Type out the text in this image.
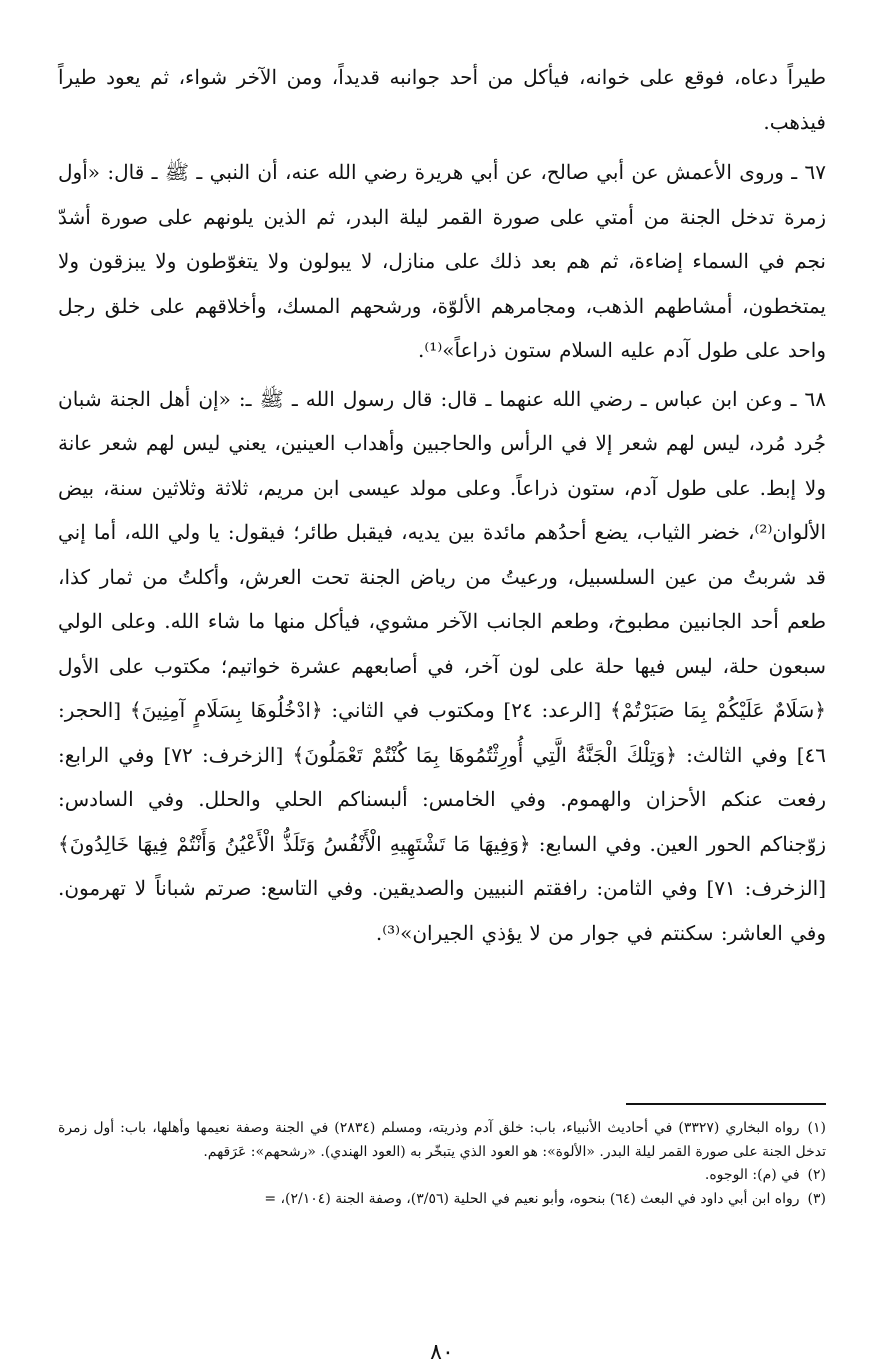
طيراً دعاه، فوقع على خوانه، فيأكل من أحد جوانبه قديداً، ومن الآخر شواء، ثم يعود طيراً فيذهب.

٦٧ ـ وروى الأعمش عن أبي صالح، عن أبي هريرة رضي الله عنه، أن النبي ـ ﷺ ـ قال: «أول زمرة تدخل الجنة من أمتي على صورة القمر ليلة البدر، ثم الذين يلونهم على صورة أشدّ نجم في السماء إضاءة، ثم هم بعد ذلك على منازل، لا يبولون ولا يتغوّطون ولا يبزقون ولا يمتخطون، أمشاطهم الذهب، ومجامرهم الألوّة، ورشحهم المسك، وأخلاقهم على خلق رجل واحد على طول آدم عليه السلام ستون ذراعاً»⁽¹⁾.

٦٨ ـ وعن ابن عباس ـ رضي الله عنهما ـ قال: قال رسول الله ـ ﷺ ـ: «إن أهل الجنة شبان جُرد مُرد، ليس لهم شعر إلا في الرأس والحاجبين وأهداب العينين، يعني ليس لهم شعر عانة ولا إبط. على طول آدم، ستون ذراعاً. وعلى مولد عيسى ابن مريم، ثلاثة وثلاثين سنة، بيض الألوان⁽²⁾، خضر الثياب، يضع أحدُهم مائدة بين يديه، فيقبل طائر؛ فيقول: يا ولي الله، أما إني قد شربتُ من عين السلسبيل، ورعيتُ من رياض الجنة تحت العرش، وأكلتُ من ثمار كذا، طعم أحد الجانبين مطبوخ، وطعم الجانب الآخر مشوي، فيأكل منها ما شاء الله. وعلى الولي سبعون حلة، ليس فيها حلة على لون آخر، في أصابعهم عشرة خواتيم؛ مكتوب على الأول ﴿سَلَامٌ عَلَيْكُمْ بِمَا صَبَرْتُمْ﴾ [الرعد: ٢٤] ومكتوب في الثاني: ﴿ادْخُلُوهَا بِسَلَامٍ آمِنِينَ﴾ [الحجر: ٤٦] وفي الثالث: ﴿وَتِلْكَ الْجَنَّةُ الَّتِي أُورِثْتُمُوهَا بِمَا كُنْتُمْ تَعْمَلُونَ﴾ [الزخرف: ٧٢] وفي الرابع: رفعت عنكم الأحزان والهموم. وفي الخامس: ألبسناكم الحلي والحلل. وفي السادس: زوّجناكم الحور العين. وفي السابع: ﴿وَفِيهَا مَا تَشْتَهِيهِ الْأَنْفُسُ وَتَلَذُّ الْأَعْيُنُ وَأَنْتُمْ فِيهَا خَالِدُونَ﴾ [الزخرف: ٧١] وفي الثامن: رافقتم النبيين والصديقين. وفي التاسع: صرتم شباناً لا تهرمون. وفي العاشر: سكنتم في جوار من لا يؤذي الجيران»⁽³⁾.

(١)رواه البخاري (٣٣٢٧) في أحاديث الأنبياء، باب: خلق آدم وذريته، ومسلم (٢٨٣٤) في الجنة وصفة نعيمها وأهلها، باب: أول زمرة تدخل الجنة على صورة القمر ليلة البدر. «الألوة»: هو العود الذي يتبخّر به (العود الهندي). «رشحهم»: عَرَقهم.

(٢)في (م): الوجوه.

(٣)رواه ابن أبي داود في البعث (٦٤) بنحوه، وأبو نعيم في الحلية (٣/٥٦)، وصفة الجنة (٢/١٠٤)، =

٨٠
